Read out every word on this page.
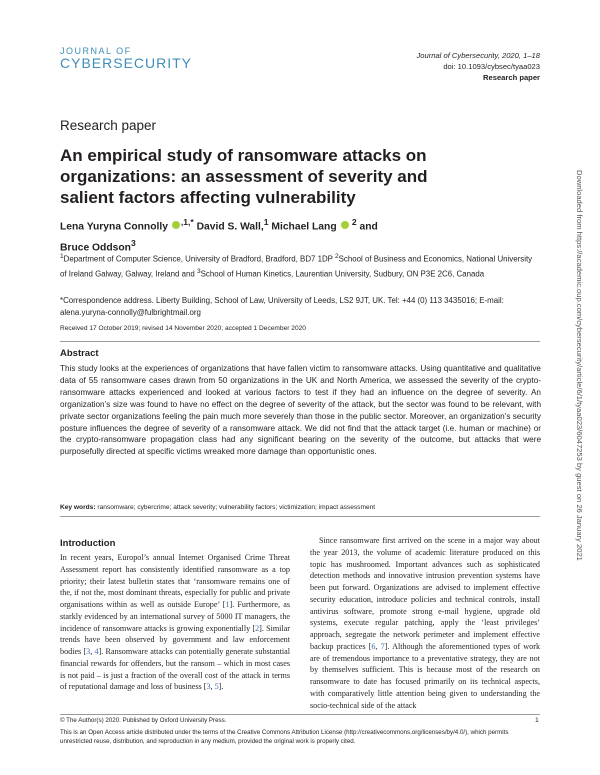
JOURNAL OF
CYBERSECURITY	Journal of Cybersecurity, 2020, 1–18
doi: 10.1093/cybsec/tyaa023
Research paper
Research paper
An empirical study of ransomware attacks on organizations: an assessment of severity and salient factors affecting vulnerability
Lena Yuryna Connolly $^{,1,*}$ David S. Wall,$^1$ Michael Lang  $^2$ and
Bruce Oddson$^3$
$^1$Department of Computer Science, University of Bradford, Bradford, BD7 1DP $^2$School of Business and Economics, National University of Ireland Galway, Galway, Ireland and $^3$School of Human Kinetics, Laurentian University, Sudbury, ON P3E 2C6, Canada
*Correspondence address. Liberty Building, School of Law, University of Leeds, LS2 9JT, UK. Tel: +44 (0) 113 3435016; E-mail: alena.yuryna-connolly@fulbrightmail.org
Received 17 October 2019; revised 14 November 2020; accepted 1 December 2020
Abstract
This study looks at the experiences of organizations that have fallen victim to ransomware attacks. Using quantitative and qualitative data of 55 ransomware cases drawn from 50 organizations in the UK and North America, we assessed the severity of the crypto-ransomware attacks experienced and looked at various factors to test if they had an influence on the degree of severity. An organization’s size was found to have no effect on the degree of severity of the attack, but the sector was found to be relevant, with private sector organizations feeling the pain much more severely than those in the public sector. Moreover, an organization’s security posture influences the degree of severity of a ransomware attack. We did not find that the attack target (i.e. human or machine) or the crypto-ransomware propagation class had any significant bearing on the severity of the outcome, but attacks that were purposefully directed at specific victims wreaked more damage than opportunistic ones.
Key words: ransomware; cybercrime; attack severity; vulnerability factors; victimization; impact assessment
Introduction
In recent years, Europol’s annual Internet Organised Crime Threat Assessment report has consistently identified ransomware as a top priority; their latest bulletin states that ‘ransomware remains one of the, if not the, most dominant threats, especially for public and private organisations within as well as outside Europe’ [1]. Furthermore, as starkly evidenced by an international survey of 5000 IT managers, the incidence of ransomware attacks is growing exponentially [2]. Similar trends have been observed by government and law enforcement bodies [3, 4]. Ransomware attacks can potentially generate substantial financial rewards for offenders, but the ransom – which in most cases is not paid – is just a fraction of the overall cost of the attack in terms of reputational damage and loss of business [3, 5].
Since ransomware first arrived on the scene in a major way about the year 2013, the volume of academic literature produced on this topic has mushroomed. Important advances such as sophisticated detection methods and innovative intrusion prevention systems have been put forward. Organizations are advised to implement effective security education, introduce policies and technical controls, install antivirus software, promote strong e-mail hygiene, upgrade old systems, execute regular patching, apply the ‘least privileges’ approach, segregate the network perimeter and implement effective backup practices [6, 7]. Although the aforementioned types of work are of tremendous importance to a preventative strategy, they are not by themselves sufficient. This is because most of the research on ransomware to date has focused primarily on its technical aspects, with comparatively little attention being given to understanding the socio-technical side of the attack
© The Author(s) 2020. Published by Oxford University Press.	1
This is an Open Access article distributed under the terms of the Creative Commons Attribution License (http://creativecommons.org/licenses/by/4.0/), which permits unrestricted reuse, distribution, and reproduction in any medium, provided the original work is properly cited.
Downloaded from https://academic.oup.com/cybersecurity/article/6/1/tyaa023/6047253 by guest on 26 January 2021
